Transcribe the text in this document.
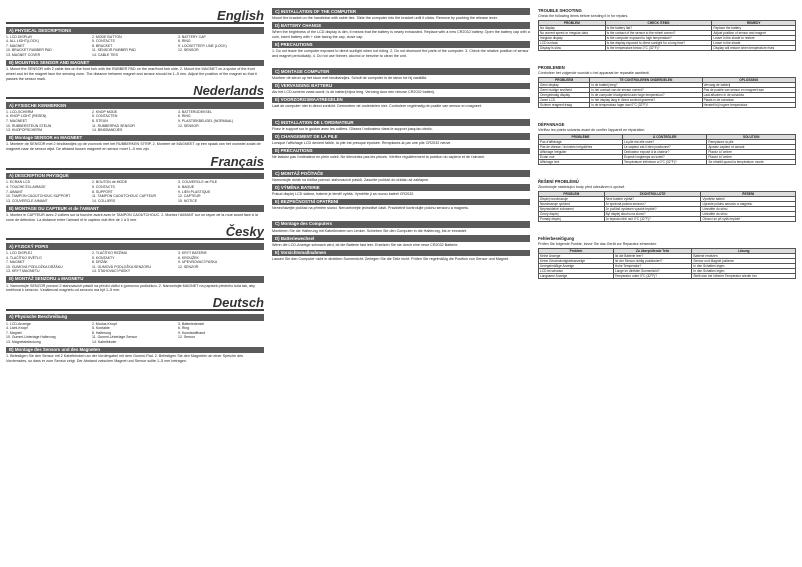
English
A) PHYSICAL DESCRIPTIONS
1. LCD DISPLAY	2. MODE BUTTON	3. BATTERY CAP
4. ALL LIGHT(LOCK)	5. CONTACTS	6. RING
7. MAGNET	8. BRACKET	9. LOCKETTERY LINE (LOCK)
10. BRACKET RUBBER PAD	11. SENSOR RUBBER PAD	12. SENSOR
13. MAGNET COVER	14. CABLE TIES
B) MOUNTING SENSOR AND MAGNET
1. Mount the SENSOR with 2 cable ties on the front fork with the RUBBER PAD on the rear/front fork side. 2. Mount the MAGNET on a spoke of the front wheel and let the magnet face the sensing zone. The distance between magnet and sensor should be 1–5 mm. Adjust the position of the magnet so that it passes the sensor mark.
Nederlands
A) FYSISCHE KENMERKEN
1. LCD-SCHERM	2. KNOP MODE	3. BATTERIJDEKSEL
4. KNOP LIGHT (RESEN)	5. CONTACTEN	6. RING
7. MAGNEET	8. STEUN	9. PLASTIEKBEUGEL (NORMAAL)
10. RUBBERSTEUN STEUN	11. RUBBERPAD SENSOR	12. SENSOR
13. KNOPOPSCHERM	14. BINDBANDJES
B) Montage SENSOR en MAGNEET
1. Monteer de SENSOR met 2 bindbandjes op de voorvork met het RUBBERKEN STRIP. 2. Monteer de MAGNEET op een spaak van het voorwiel zodat de magneet naar de sensor wijst. De afstand tussen magneet en sensor moet 1–5 mm zijn.
Français
A) DESCRIPTION PHYSIQUE
1. ECRAN LCD	2. BOUTON de MODE	3. COUVERCLE de PILE
4. TOUCHE ÉCLAIRAGE	5. CONTACTS	6. BAGUE
7. AIMANT	8. SUPPORT	9. LIEN PLASTIQUE
10. TAMPON CAOUTCHOUC SUPPORT	11. TAMPON CAOUTCHOUC CAPTEUR	12. CAPTEUR
13. COUVERCLE AIMANT	14. COLLIERS	15. NOTICE
B) MONTAGE DU CAPTEUR et de l'AIMANT
1. Montez le CAPTEUR avec 2 colliers sur la fourche avant avec le TAMPON CAOUTCHOUC. 2. Montez l'AIMANT sur un rayon de la roue avant face à la zone de détection. La distance entre l'aimant et le capteur doit être de 1 à 5 mm.
Česky
A) FYZICKÝ POPIS
1. LCD DISPLEJ	2. TLAČÍTKO REŽIMU	3. KRYT BATERIE
4. TLAČÍTKO SVĚTLO	5. KONTAKTY	6. KROUŽEK
7. MAGNET	8. DRŽÁK	9. UPEVŇOVACÍ PÁSKA
10. GUMOVÁ PODLOŽKA DRŽÁKU	11. GUMOVÁ PODLOŽKA SENZORU	12. SENZOR
13. KRYT MAGNETU	14. STAHOVACÍ PÁSKY
B) MONTÁŽ SENZORU a MAGNETU
1. Namontujte SENZOR pomocí 2 stahovacích pásků na přední vidlici s gumovou podložkou. 2. Namontujte MAGNET na paprsek předního kola tak, aby směřoval k senzoru. Vzdálenost magnetu od senzoru má být 1–5 mm.
Deutsch
A) Physische Beschreibung
1. LCD-Anzeige	2. Modus-Knopf	3. Batteriedeckel
4. Licht-Knopf	5. Kontakte	6. Ring
7. Magnet	8. Halterung	9. Kunststoffband
10. Gummi-Unterlage Halterung	11. Gummi-Unterlage Sensor	12. Sensor
13. Magnetabdeckung	14. Kabelbinder
B) Montage des Sensors und des Magneten
1. Befestigen Sie den Sensor mit 2 Kabelbindern an der Vordergabel mit dem Gummi-Pad. 2. Befestigen Sie den Magneten an einer Speiche des Vorderrades, so dass er zum Sensor zeigt. Der Abstand zwischen Magnet und Sensor sollte 1–5 mm betragen.
C) INSTALLATION OF THE COMPUTER
Mount the bracket on the handlebar with cable ties. Slide the computer into the bracket until it clicks. Remove by pushing the release lever.
D) BATTERY CHANGE
When the brightness of the LCD display is dim, it means that the battery is nearly exhausted. Replace with a new CR2032 battery. Open the battery cap with a coin, insert battery with + side facing the cap, close cap.
E) PRECAUTIONS
1. Do not leave the computer exposed to direct sunlight when not riding. 2. Do not dismount the parts of the computer. 3. Check the relative position of sensor and magnet periodically. 4. Do not use thinner, alcohol or benzine to clean the unit.
C) MONTAGE COMPUTER
Monteer de steun op het stuur met bindbandjes. Schuif de computer in de steun tot hij vastklikt.
D) VERVANGING BATTERIJ
Als het LCD-scherm zwak wordt, is de batterij bijna leeg. Vervang door een nieuwe CR2032 batterij.
E) VOORZORGSMAATREGELEN
Laat de computer niet in direct zonlicht. Demonteer de onderdelen niet. Controleer regelmatig de positie van sensor en magneet.
C) INSTALLATION DE L'ORDINATEUR
Fixez le support sur le guidon avec les colliers. Glissez l'ordinateur dans le support jusqu'au déclic.
D) CHANGEMENT DE LA PILE
Lorsque l'affichage LCD devient faible, la pile est presque épuisée. Remplacez-la par une pile CR2032 neuve.
E) PRÉCAUTIONS
Ne laissez pas l'ordinateur en plein soleil. Ne démontez pas les pièces. Vérifiez régulièrement la position du capteur et de l'aimant.
C) MONTÁŽ POČÍTAČE
Namontujte držák na řídítka pomocí stahovacích pásků. Zasuňte počítač do držáku až zaklapne.
D) VÝMĚNA BATERIE
Pokud displej LCD slábne, baterie je téměř vybitá. Vyměňte ji za novou baterii CR2032.
E) BEZPEČNOSTNÍ OPATŘENÍ
Nenechávejte počítač na přímém slunci. Nerozebírejte jednotlivé části. Pravidelně kontrolujte polohu senzoru a magnetu.
C) Montage des Computers
Montieren Sie die Halterung mit Kabelbindern am Lenker. Schieben Sie den Computer in die Halterung, bis er einrastet.
D) Batteriewechsel
Wenn die LCD-Anzeige schwach wird, ist die Batterie fast leer. Ersetzen Sie sie durch eine neue CR2032 Batterie.
E) Vorsichtsmaßnahmen
Lassen Sie den Computer nicht in direktem Sonnenlicht. Zerlegen Sie die Teile nicht. Prüfen Sie regelmäßig die Position von Sensor und Magnet.
TROUBLE SHOOTING
Check the following items before sending it in for repairs.
PROBLEM	CHECK ITEMS	REMEDY
No display	Is the battery flat?	Replace the battery
No current speed or irregular data	Is the contact of the sensor to the wheel correct?	Adjust position of sensor and magnet
Irregular display	Is the computer exposed to high temperature?	Leave in the shade to restore
LCD is black	Is the display exposed to direct sunlight for a long time?	Leave in the shade
Display is slow	Is the temperature below 0°C (32°F)?	Display will restore when temperature rises
PROBLEMEN
Controleer het volgende voordat u het apparaat ter reparatie aanbiedt.
PROBLEEM	TE CONTROLEREN ONDERDELEN	OPLOSSING
Geen display	Is de batterij leeg?	Vervang de batterij
Geen huidige snelheid	Is het contact van de sensor correct?	Pas de positie van sensor en magneet aan
Onregelmatig display	Is de computer blootgesteld aan hoge temperatuur?	Laat afkoelen in de schaduw
Zwart LCD	Is het display lang in direct zonlicht geweest?	Plaats in de schaduw
Scherm reageert traag	Is de temperatuur lager dan 0°C (32°F)?	Herstelt bij hogere temperatuur
DÉPANNAGE
Vérifiez les points suivants avant de confier l'appareil en réparation.
PROBLÈME	À CONTRÔLER	SOLUTION
Pas d'affichage	La pile est-elle usée?	Remplacez la pile
Pas de vitesse / données irrégulières	Le capteur est-il bien positionné?	Ajustez capteur et aimant
Affichage irrégulier	Ordinateur exposé à la chaleur?	Placez à l'ombre
Écran noir	Exposé longtemps au soleil?	Placez à l'ombre
Affichage lent	Température inférieure à 0°C (32°F)?	Se rétablit quand la température monte
ŘEŠENÍ PROBLÉMŮ
Zkontrolujte následující body před odesláním k opravě.
PROBLÉM	ZKONTROLUJTE	ŘEŠENÍ
Displej nezobrazuje	Není baterie vybitá?	Vyměňte baterii
Nezobrazuje rychlost	Je správná poloha senzoru?	Upravte polohu senzoru a magnetu
Nepravidelné zobrazení	Je počítač vystaven vysoké teplotě?	Umístěte do stínu
Černý displej	Byl displej dlouho na slunci?	Umístěte do stínu
Pomalý displej	Je teplota nižší než 0°C (32°F)?	Obnoví se při vyšší teplotě
Fehlerbeseitigung
Prüfen Sie folgende Punkte, bevor Sie das Gerät zur Reparatur einsenden.
Problem	Zu überprüfende Teile	Lösung
Keine Anzeige	Ist die Batterie leer?	Batterie ersetzen
Keine Geschwindigkeitsanzeige	Ist der Sensor richtig positioniert?	Sensor und Magnet justieren
Unregelmäßige Anzeige	Hohe Temperatur?	In den Schatten legen
LCD ist schwarz	Lange im direkten Sonnenlicht?	In den Schatten legen
Langsame Anzeige	Temperatur unter 0°C (32°F)?	Stellt sich bei höherer Temperatur wieder her
